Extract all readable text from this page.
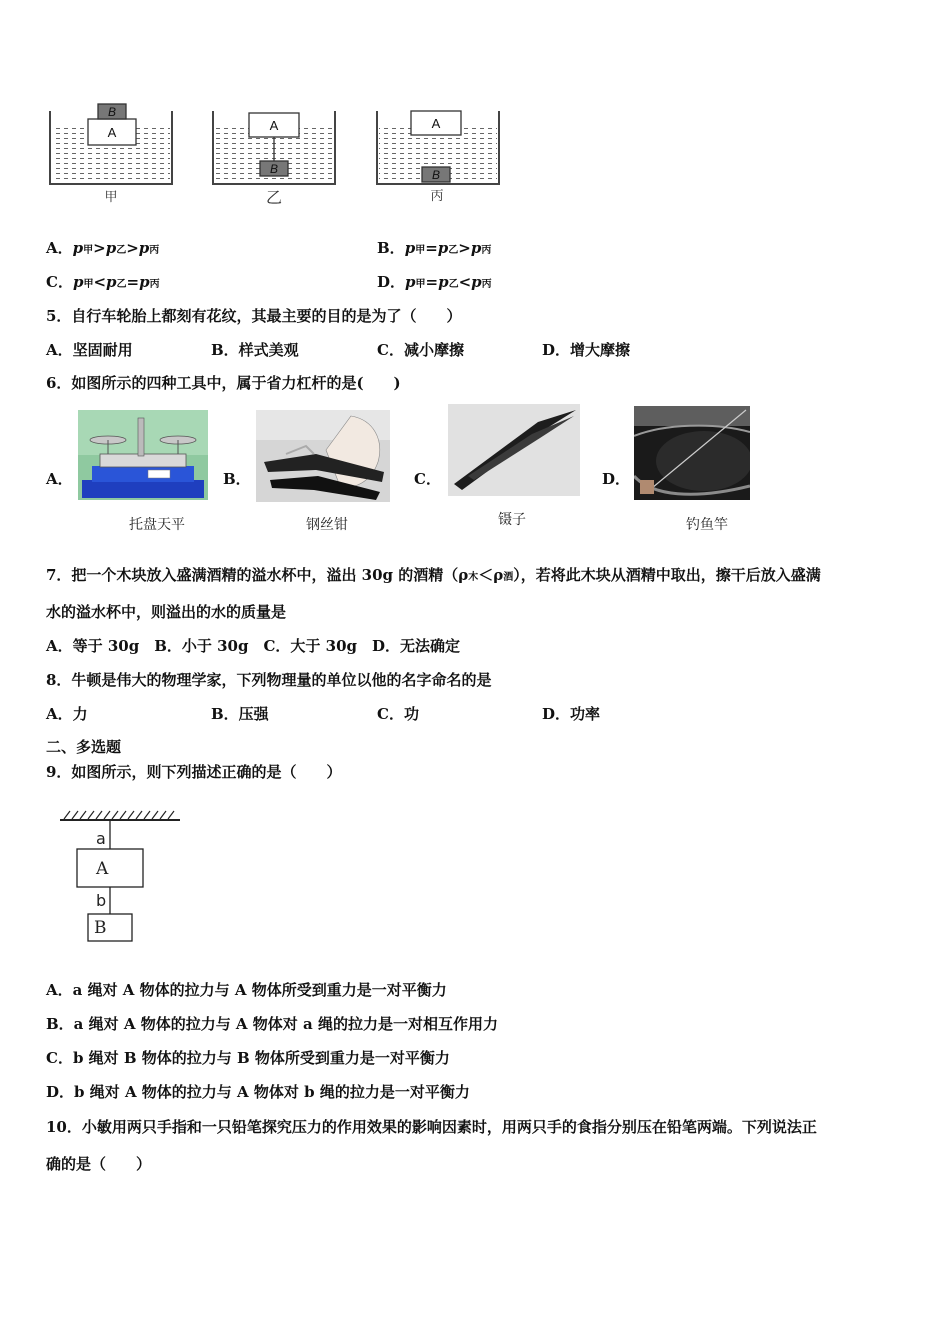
B
A
甲
A
B
乙
A
B
丙
A．p甲>p乙>p丙	B．p甲=p乙>p丙
C．p甲<p乙=p丙	D．p甲=p乙<p丙
5．自行车轮胎上都刻有花纹，其最主要的目的是为了（　　）
A．坚固耐用	B．样式美观	C．减小摩擦	D．增大摩擦
6．如图所示的四种工具中，属于省力杠杆的是(　　)
A．
托盘天平
B．
钢丝钳
C．
镊子
D．
钓鱼竿
7．把一个木块放入盛满酒精的溢水杯中，溢出 30g 的酒精（ρ木＜ρ酒），若将此木块从酒精中取出，擦干后放入盛满
水的溢水杯中，则溢出的水的质量是
A．等于 30g　B．小于 30g　C．大于 30g　D．无法确定
8．牛顿是伟大的物理学家，下列物理量的单位以他的名字命名的是
A．力	B．压强	C．功	D．功率
二、多选题
9．如图所示，则下列描述正确的是（　　）
a
A
b
B
A．a 绳对 A 物体的拉力与 A 物体所受到重力是一对平衡力
B．a 绳对 A 物体的拉力与 A 物体对 a 绳的拉力是一对相互作用力
C．b 绳对 B 物体的拉力与 B 物体所受到重力是一对平衡力
D．b 绳对 A 物体的拉力与 A 物体对 b 绳的拉力是一对平衡力
10．小敏用两只手指和一只铅笔探究压力的作用效果的影响因素时，用两只手的食指分别压在铅笔两端。下列说法正
确的是（　　）
